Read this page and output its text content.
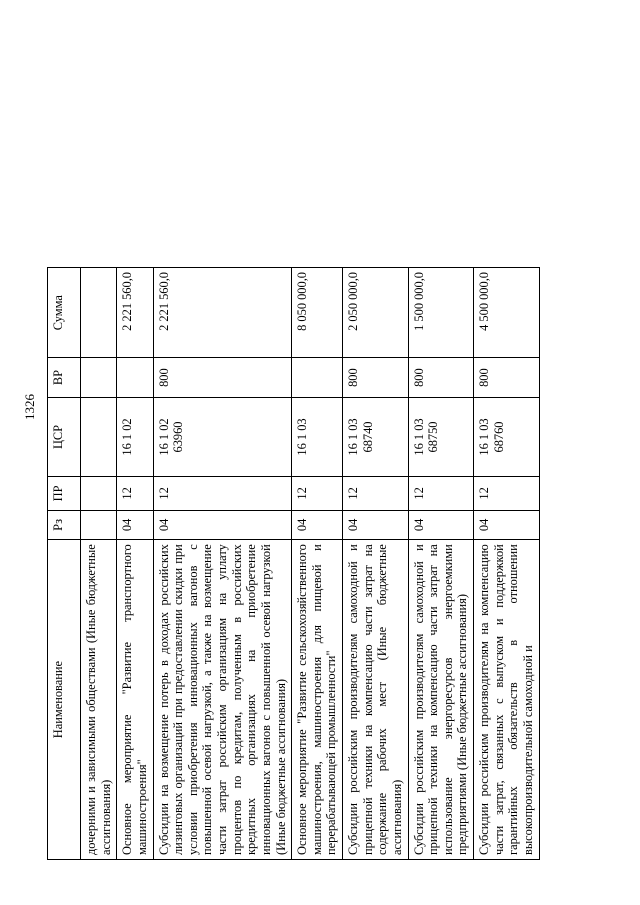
1326
Наименование	Рз	ПР	ЦСР	ВР	Сумма
дочерними и зависимыми обществами (Иные бюджетные ассигнования)					
Основное мероприятие "Развитие транспортного машиностроения"	04	12	16 1 02		2 221 560,0
Субсидии на возмещение потерь в доходах российских лизинговых организаций при предоставлении скидки при условии приобретения инновационных вагонов с повышенной осевой нагрузкой, а также на возмещение части затрат российским организациям на уплату процентов по кредитам, полученным в российских кредитных организациях на приобретение инновационных вагонов с повышенной осевой нагрузкой (Иные бюджетные ассигнования)	04	12	16 1 02 63960	800	2 221 560,0
Основное мероприятие "Развитие сельскохозяйственного машиностроения, машиностроения для пищевой и перерабатывающей промышленности"	04	12	16 1 03		8 050 000,0
Субсидии российским производителям самоходной и прицепной техники на компенсацию части затрат на содержание рабочих мест (Иные бюджетные ассигнования)	04	12	16 1 03 68740	800	2 050 000,0
Субсидии российским производителям самоходной и прицепной техники на компенсацию части затрат на использование энергоресурсов энергоемкими предприятиями (Иные бюджетные ассигнования)	04	12	16 1 03 68750	800	1 500 000,0
Субсидии российским производителям на компенсацию части затрат, связанных с выпуском и поддержкой гарантийных обязательств в отношении высокопроизводительной самоходной и	04	12	16 1 03 68760	800	4 500 000,0
